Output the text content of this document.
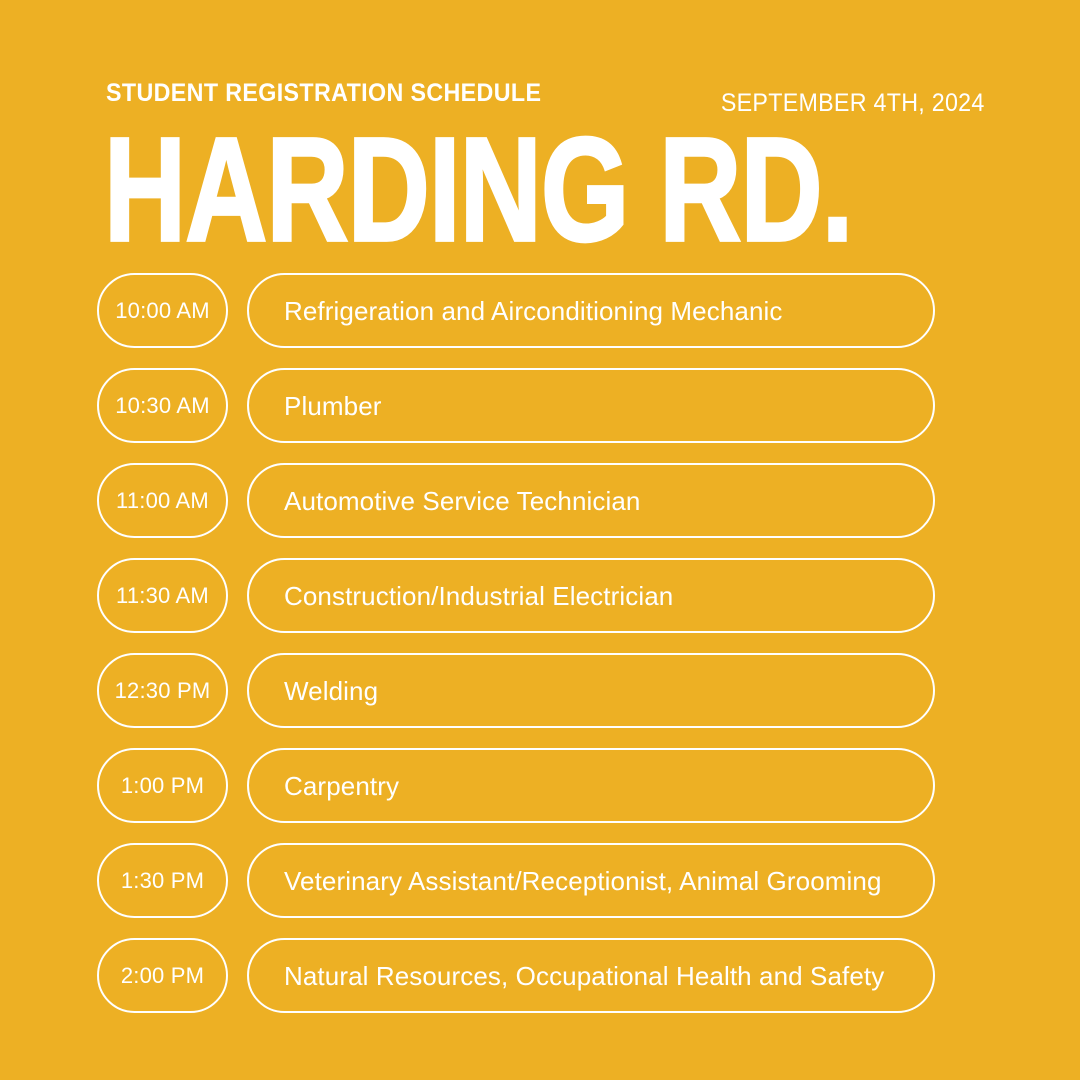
STUDENT REGISTRATION SCHEDULE	SEPTEMBER 4TH, 2024
HARDING RD.
10:00 AM	Refrigeration and Airconditioning Mechanic
10:30 AM	Plumber
11:00 AM	Automotive Service Technician
11:30 AM	Construction/Industrial Electrician
12:30 PM	Welding
1:00 PM	Carpentry
1:30 PM	Veterinary Assistant/Receptionist, Animal Grooming
2:00 PM	Natural Resources, Occupational Health and Safety
